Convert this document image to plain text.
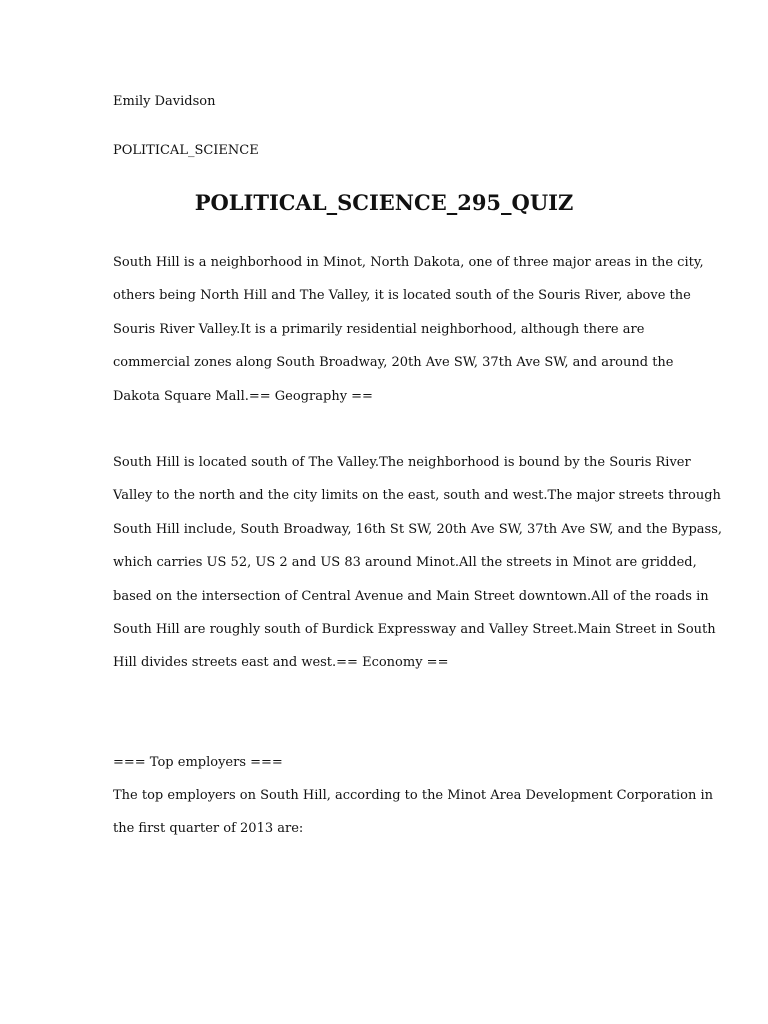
Emily Davidson
POLITICAL_SCIENCE
POLITICAL_SCIENCE_295_QUIZ
South Hill is a neighborhood in Minot, North Dakota, one of three major areas in the city,
others being North Hill and The Valley, it is located south of the Souris River, above the
Souris River Valley.It is a primarily residential neighborhood, although there are
commercial zones along South Broadway, 20th Ave SW, 37th Ave SW, and around the
Dakota Square Mall.== Geography ==
South Hill is located south of The Valley.The neighborhood is bound by the Souris River
Valley to the north and the city limits on the east, south and west.The major streets through
South Hill include, South Broadway, 16th St SW, 20th Ave SW, 37th Ave SW, and the Bypass,
which carries US 52, US 2 and US 83 around Minot.All the streets in Minot are gridded,
based on the intersection of Central Avenue and Main Street downtown.All of the roads in
South Hill are roughly south of Burdick Expressway and Valley Street.Main Street in South
Hill divides streets east and west.== Economy ==
=== Top employers ===
The top employers on South Hill, according to the Minot Area Development Corporation in
the first quarter of 2013 are:
